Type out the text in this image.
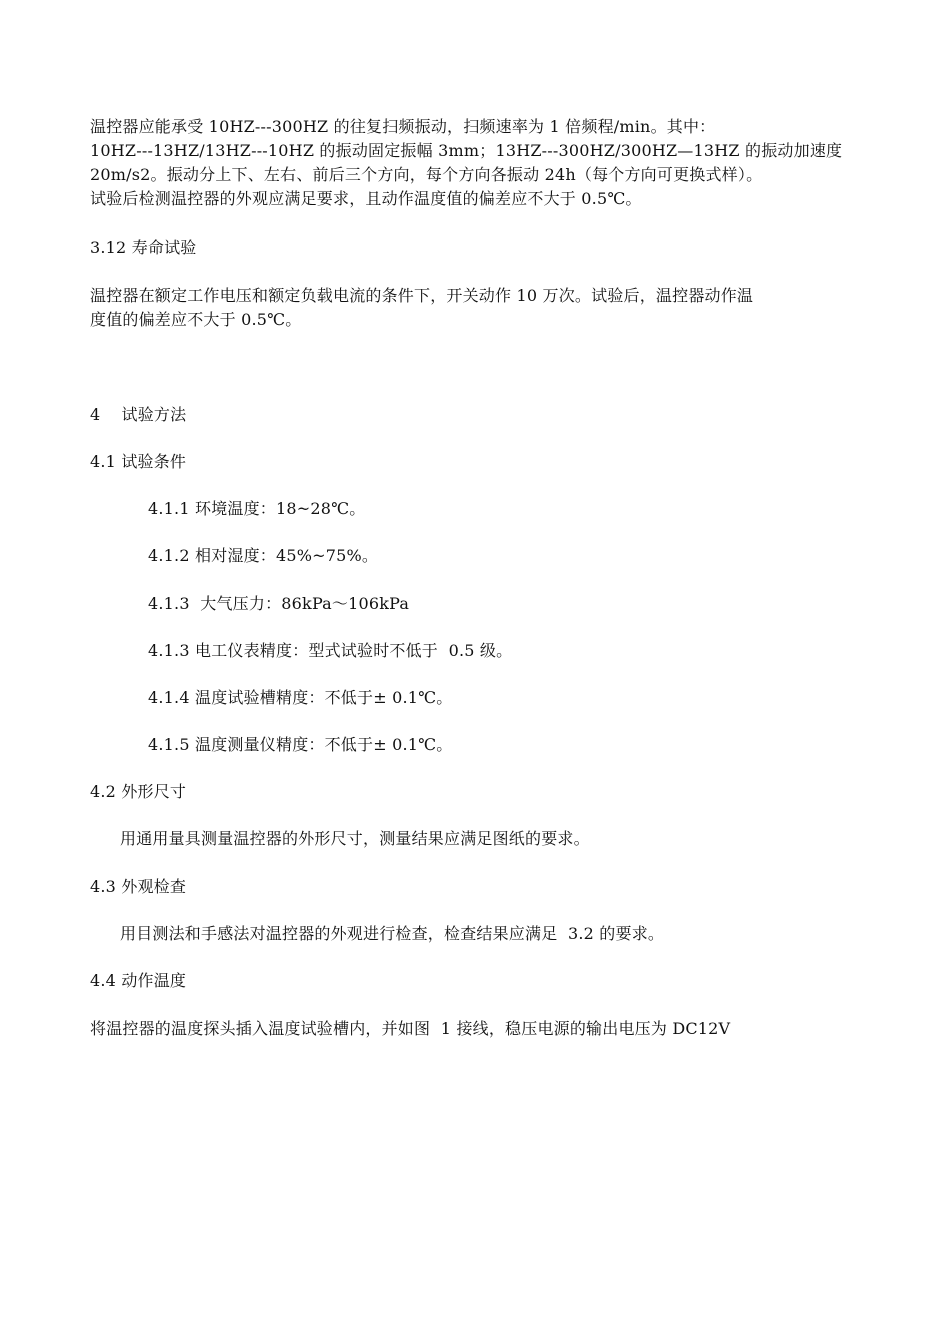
温控器应能承受 10HZ---300HZ 的往复扫频振动，扫频速率为 1 倍频程/min。其中：
10HZ---13HZ/13HZ---10HZ 的振动固定振幅 3mm；13HZ---300HZ/300HZ—13HZ 的振动加速度
20m/s2。振动分上下、左右、前后三个方向，每个方向各振动 24h（每个方向可更换式样）。
试验后检测温控器的外观应满足要求，且动作温度值的偏差应不大于 0.5℃。
3.12 寿命试验
温控器在额定工作电压和额定负载电流的条件下，开关动作 10 万次。试验后，温控器动作温
度值的偏差应不大于 0.5℃。
4    试验方法
4.1 试验条件
4.1.1 环境温度：18~28℃。
4.1.2 相对湿度：45%~75%。
4.1.3  大气压力：86kPa～106kPa
4.1.3 电工仪表精度：型式试验时不低于  0.5 级。
4.1.4 温度试验槽精度：不低于± 0.1℃。
4.1.5 温度测量仪精度：不低于± 0.1℃。
4.2 外形尺寸
用通用量具测量温控器的外形尺寸，测量结果应满足图纸的要求。
4.3 外观检查
用目测法和手感法对温控器的外观进行检查，检查结果应满足  3.2 的要求。
4.4 动作温度
将温控器的温度探头插入温度试验槽内，并如图  1 接线，稳压电源的输出电压为 DC12V
